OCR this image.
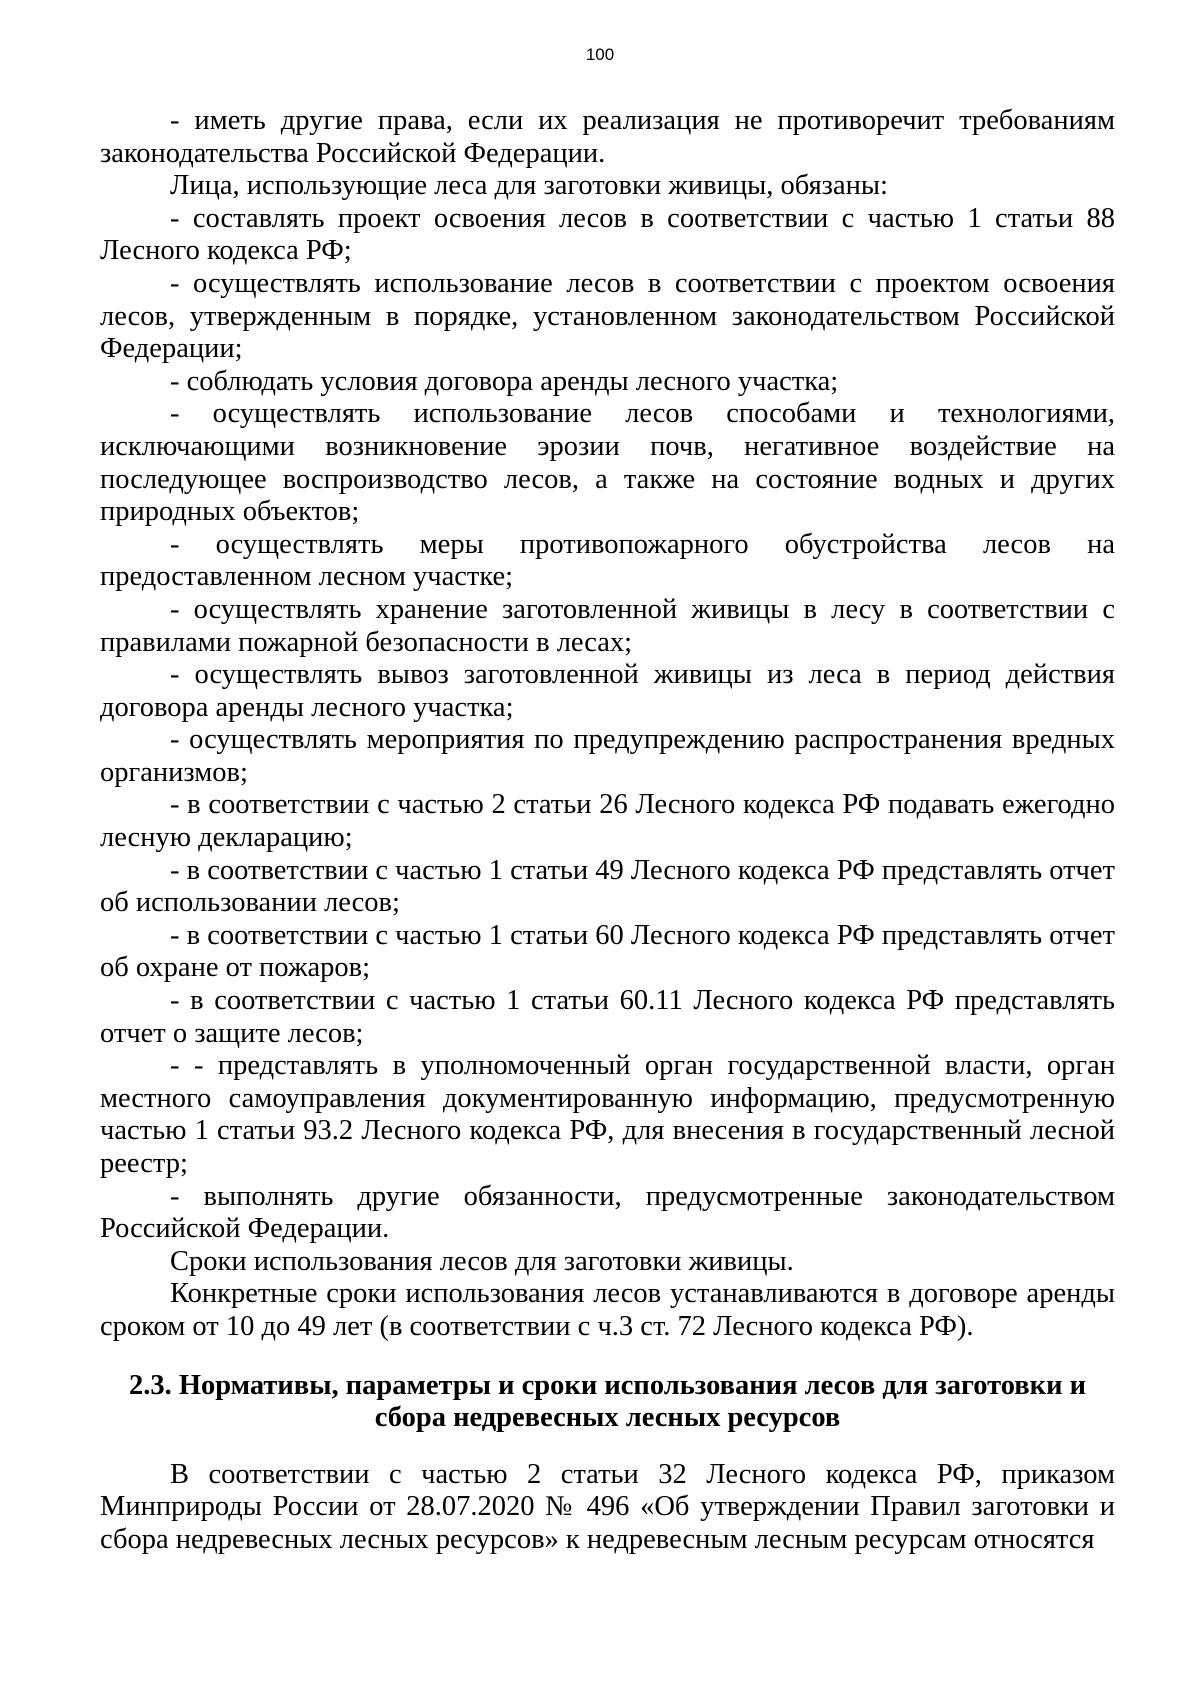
100

- иметь другие права, если их реализация не противоречит требованиям законодательства Российской Федерации.

Лица, использующие леса для заготовки живицы, обязаны:

- составлять проект освоения лесов в соответствии с частью 1 статьи 88 Лесного кодекса РФ;

- осуществлять использование лесов в соответствии с проектом освоения лесов, утвержденным в порядке, установленном законодательством Российской Федерации;

- соблюдать условия договора аренды лесного участка;

- осуществлять использование лесов способами и технологиями, исключающими возникновение эрозии почв, негативное воздействие на последующее воспроизводство лесов, а также на состояние водных и других природных объектов;

- осуществлять меры противопожарного обустройства лесов на предоставленном лесном участке;

- осуществлять хранение заготовленной живицы в лесу в соответствии с правилами пожарной безопасности в лесах;

- осуществлять вывоз заготовленной живицы из леса в период действия договора аренды лесного участка;

- осуществлять мероприятия по предупреждению распространения вредных организмов;

- в соответствии с частью 2 статьи 26 Лесного кодекса РФ подавать ежегодно лесную декларацию;

- в соответствии с частью 1 статьи 49 Лесного кодекса РФ представлять отчет об использовании лесов;

- в соответствии с частью 1 статьи 60 Лесного кодекса РФ представлять отчет об охране от пожаров;

- в соответствии с частью 1 статьи 60.11 Лесного кодекса РФ представлять отчет о защите лесов;

- - представлять в уполномоченный орган государственной власти, орган местного самоуправления документированную информацию, предусмотренную частью 1 статьи 93.2 Лесного кодекса РФ, для внесения в государственный лесной реестр;

- выполнять другие обязанности, предусмотренные законодательством Российской Федерации.

Сроки использования лесов для заготовки живицы.

Конкретные сроки использования лесов устанавливаются в договоре аренды сроком от 10 до 49 лет (в соответствии с ч.3 ст. 72 Лесного кодекса РФ).

2.3. Нормативы, параметры и сроки использования лесов для заготовки и
сбора недревесных лесных ресурсов

В соответствии с частью 2 статьи 32 Лесного кодекса РФ, приказом Минприроды России от 28.07.2020 № 496 «Об утверждении Правил заготовки и сбора недревесных лесных ресурсов» к недревесным лесным ресурсам относятся
